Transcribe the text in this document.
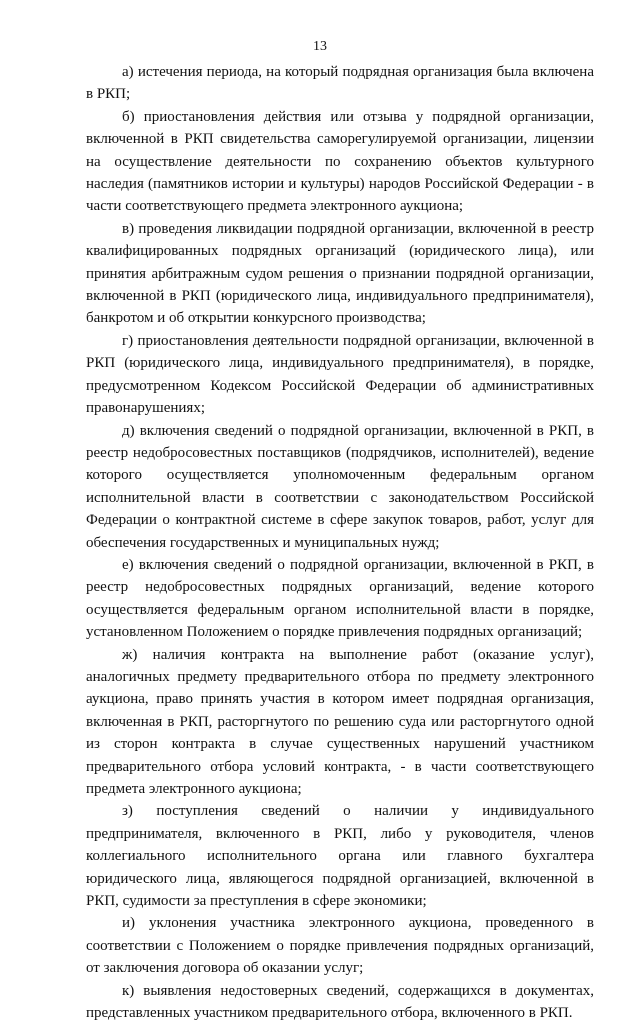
13

а) истечения периода, на который подрядная организация была включена в РКП;

б) приостановления действия или отзыва у подрядной организации, включенной в РКП свидетельства саморегулируемой организации, лицензии на осуществление деятельности по сохранению объектов культурного наследия (памятников истории и культуры) народов Российской Федерации - в части соответствующего предмета электронного аукциона;

в) проведения ликвидации подрядной организации, включенной в реестр квалифицированных подрядных организаций (юридического лица), или принятия арбитражным судом решения о признании подрядной организации, включенной в РКП (юридического лица, индивидуального предпринимателя), банкротом и об открытии конкурсного производства;

г) приостановления деятельности подрядной организации, включенной в РКП (юридического лица, индивидуального предпринимателя), в порядке, предусмотренном Кодексом Российской Федерации об административных правонарушениях;

д) включения сведений о подрядной организации, включенной в РКП, в реестр недобросовестных поставщиков (подрядчиков, исполнителей), ведение которого осуществляется уполномоченным федеральным органом исполнительной власти в соответствии с законодательством Российской Федерации о контрактной системе в сфере закупок товаров, работ, услуг для обеспечения государственных и муниципальных нужд;

е) включения сведений о подрядной организации, включенной в РКП, в реестр недобросовестных подрядных организаций, ведение которого осуществляется федеральным органом исполнительной власти в порядке, установленном Положением о порядке привлечения подрядных организаций;

ж) наличия контракта на выполнение работ (оказание услуг), аналогичных предмету предварительного отбора по предмету электронного аукциона, право принять участия в котором имеет подрядная организация, включенная в РКП, расторгнутого по решению суда или расторгнутого одной из сторон контракта в случае существенных нарушений участником предварительного отбора условий контракта, - в части соответствующего предмета электронного аукциона;

з) поступления сведений о наличии у индивидуального предпринимателя, включенного в РКП, либо у руководителя, членов коллегиального исполнительного органа или главного бухгалтера юридического лица, являющегося подрядной организацией, включенной в РКП, судимости за преступления в сфере экономики;

и) уклонения участника электронного аукциона, проведенного в соответствии с Положением о порядке привлечения подрядных организаций, от заключения договора об оказании услуг;

к) выявления недостоверных сведений, содержащихся в документах, представленных участником предварительного отбора, включенного в РКП.
